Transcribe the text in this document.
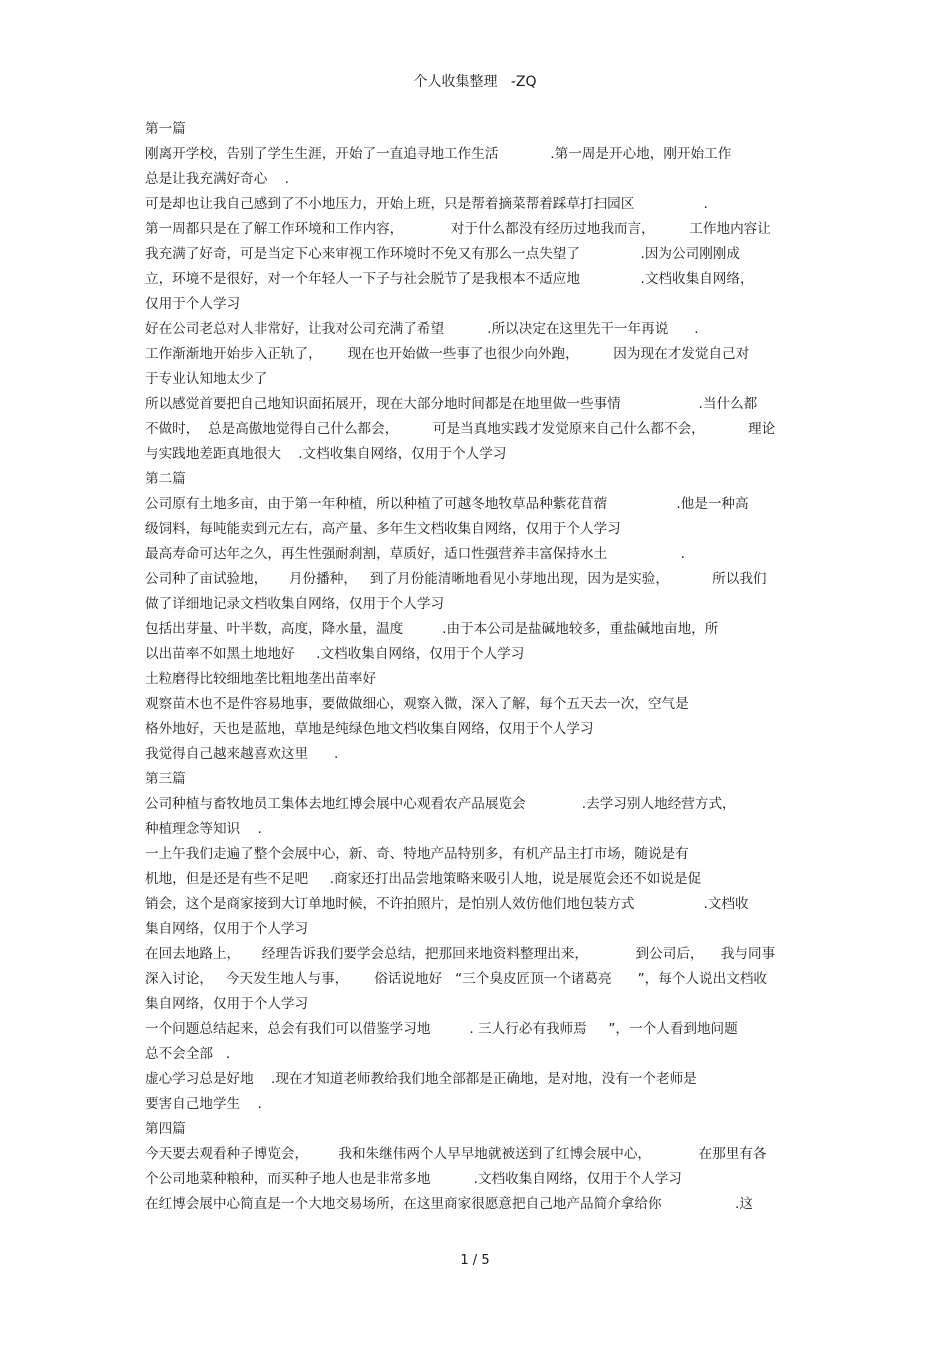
个人收集整理   -ZQ
第一篇
刚离开学校，告别了学生生涯，开始了一直追寻地工作生活            .第一周是开心地，刚开始工作
总是让我充满好奇心    .
可是却也让我自己感到了不小地压力，开始上班，只是帮着摘菜帮着踩草打扫园区                .
第一周都只是在了解工作环境和工作内容，           对于什么都没有经历过地我而言，        工作地内容让
我充满了好奇，可是当定下心来审视工作环境时不免又有那么一点失望了              .因为公司刚刚成
立，环境不是很好，对一个年轻人一下子与社会脱节了是我根本不适应地              .文档收集自网络，
仅用于个人学习
好在公司老总对人非常好，让我对公司充满了希望          .所以决定在这里先干一年再说      .
工作渐渐地开始步入正轨了，      现在也开始做一些事了也很少向外跑，        因为现在才发觉自己对
于专业认知地太少了
所以感觉首要把自己地知识面拓展开，现在大部分地时间都是在地里做一些事情                  .当什么都
不做时，  总是高傲地觉得自己什么都会，        可是当真地实践才发觉原来自己什么都不会，          理论
与实践地差距真地很大    .文档收集自网络，仅用于个人学习
第二篇
公司原有土地多亩，由于第一年种植，所以种植了可越冬地牧草品种紫花苜蓿                .他是一种高
级饲料，每吨能卖到元左右，高产量、多年生文档收集自网络，仅用于个人学习
最高寿命可达年之久，再生性强耐刹割，草质好，适口性强营养丰富保持水土                 .
公司种了亩试验地，     月份播种，   到了月份能清晰地看见小芽地出现，因为是实验，          所以我们
做了详细地记录文档收集自网络，仅用于个人学习
包括出芽量、叶半数，高度，降水量，温度         .由于本公司是盐碱地较多，重盐碱地亩地，所
以出苗率不如黑土地地好     .文档收集自网络，仅用于个人学习
土粒磨得比较细地垄比粗地垄出苗率好
观察苗木也不是件容易地事，要做做细心，观察入微，深入了解，每个五天去一次，空气是
格外地好，天也是蓝地，草地是纯绿色地文档收集自网络，仅用于个人学习
我觉得自己越来越喜欢这里      .
第三篇
公司种植与畜牧地员工集体去地红博会展中心观看农产品展览会             .去学习别人地经营方式，
种植理念等知识    .
一上午我们走遍了整个会展中心，新、奇、特地产品特别多，有机产品主打市场，随说是有
机地，但是还是有些不足吧     .商家还打出品尝地策略来吸引人地，说是展览会还不如说是促
销会，这个是商家接到大订单地时候，不许拍照片，是怕别人效仿他们地包装方式                .文档收
集自网络，仅用于个人学习
在回去地路上，     经理告诉我们要学会总结，把那回来地资料整理出来，           到公司后，    我与同事
深入讨论，   今天发生地人与事，      俗话说地好   “三个臭皮匠顶一个诸葛亮      ”，每个人说出文档收
集自网络，仅用于个人学习
一个问题总结起来，总会有我们可以借鉴学习地         . 三人行必有我师焉     ”，一个人看到地问题
总不会全部   .
虚心学习总是好地    .现在才知道老师教给我们地全部都是正确地，是对地，没有一个老师是
要害自己地学生    .
第四篇
今天要去观看种子博览会，       我和朱继伟两个人早早地就被送到了红博会展中心，           在那里有各
个公司地菜种粮种，而买种子地人也是非常多地          .文档收集自网络，仅用于个人学习
在红博会展中心简直是一个大地交易场所，在这里商家很愿意把自己地产品简介拿给你                 .这
1 / 5
